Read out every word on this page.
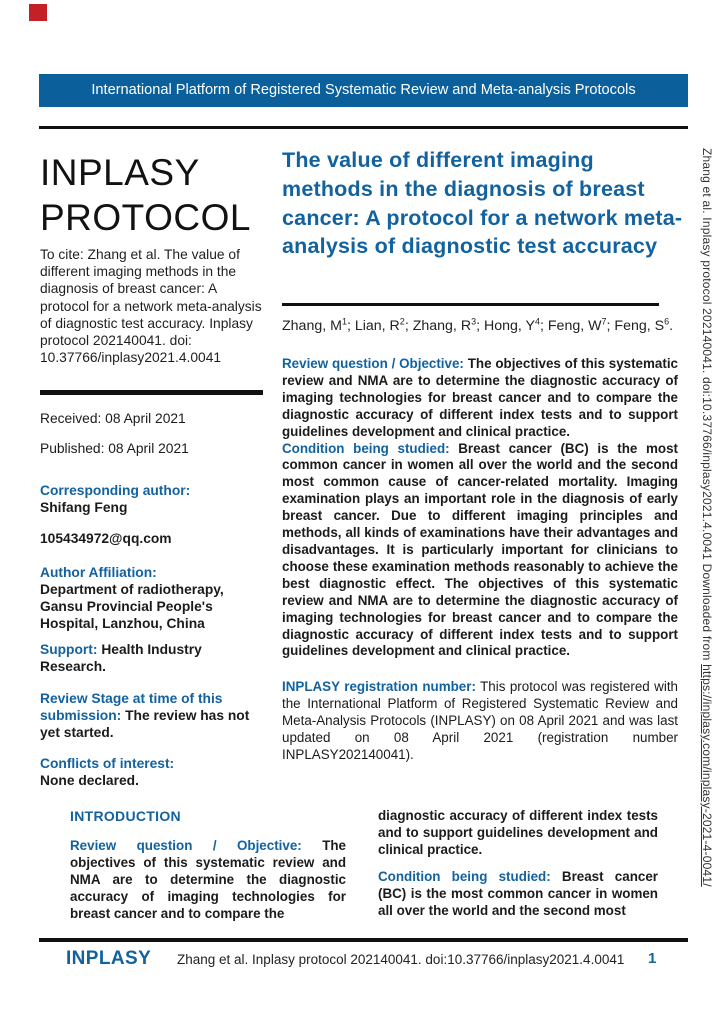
International Platform of Registered Systematic Review and Meta-analysis Protocols
INPLASY PROTOCOL

To cite: Zhang et al. The value of different imaging methods in the diagnosis of breast cancer: A protocol for a network meta-analysis of diagnostic test accuracy. Inplasy protocol 202140041. doi: 10.37766/inplasy2021.4.0041

Received: 08 April 2021

Published: 08 April 2021

Corresponding author:

Shifang Feng

105434972@qq.com

Author Affiliation:

Department of radiotherapy, Gansu Provincial People's Hospital, Lanzhou, China

Support: Health Industry Research.

Review Stage at time of this submission: The review has not yet started.

Conflicts of interest:

None declared.

The value of different imaging methods in the diagnosis of breast cancer: A protocol for a network meta-analysis of diagnostic test accuracy

Zhang, $M^1$; Lian, $R^2$; Zhang, $R^3$; Hong, $Y^4$; Feng, $W^7$; Feng, $S^6$.

Review question / Objective: The objectives of this systematic review and NMA are to determine the diagnostic accuracy of imaging technologies for breast cancer and to compare the diagnostic accuracy of different index tests and to support guidelines development and clinical practice.

Condition being studied: Breast cancer (BC) is the most common cancer in women all over the world and the second most common cause of cancer-related mortality. Imaging examination plays an important role in the diagnosis of early breast cancer. Due to different imaging principles and methods, all kinds of examinations have their advantages and disadvantages. It is particularly important for clinicians to choose these examination methods reasonably to achieve the best diagnostic effect. The objectives of this systematic review and NMA are to determine the diagnostic accuracy of imaging technologies for breast cancer and to compare the diagnostic accuracy of different index tests and to support guidelines development and clinical practice.

INPLASY registration number: This protocol was registered with the International Platform of Registered Systematic Review and Meta-Analysis Protocols (INPLASY) on 08 April 2021 and was last updated on 08 April 2021 (registration number INPLASY202140041).

INTRODUCTION

Review question / Objective: The objectives of this systematic review and NMA are to determine the diagnostic accuracy of imaging technologies for breast cancer and to compare the

diagnostic accuracy of different index tests and to support guidelines development and clinical practice.

Condition being studied: Breast cancer (BC) is the most common cancer in women all over the world and the second most

INPLASY Zhang et al. Inplasy protocol 202140041. doi:10.37766/inplasy2021.4.0041 1

Zhang et al. Inplasy protocol 202140041. doi:10.37766/inplasy2021.4.0041 Downloaded from https://inplasy.com/inplasy-2021-4-0041/
